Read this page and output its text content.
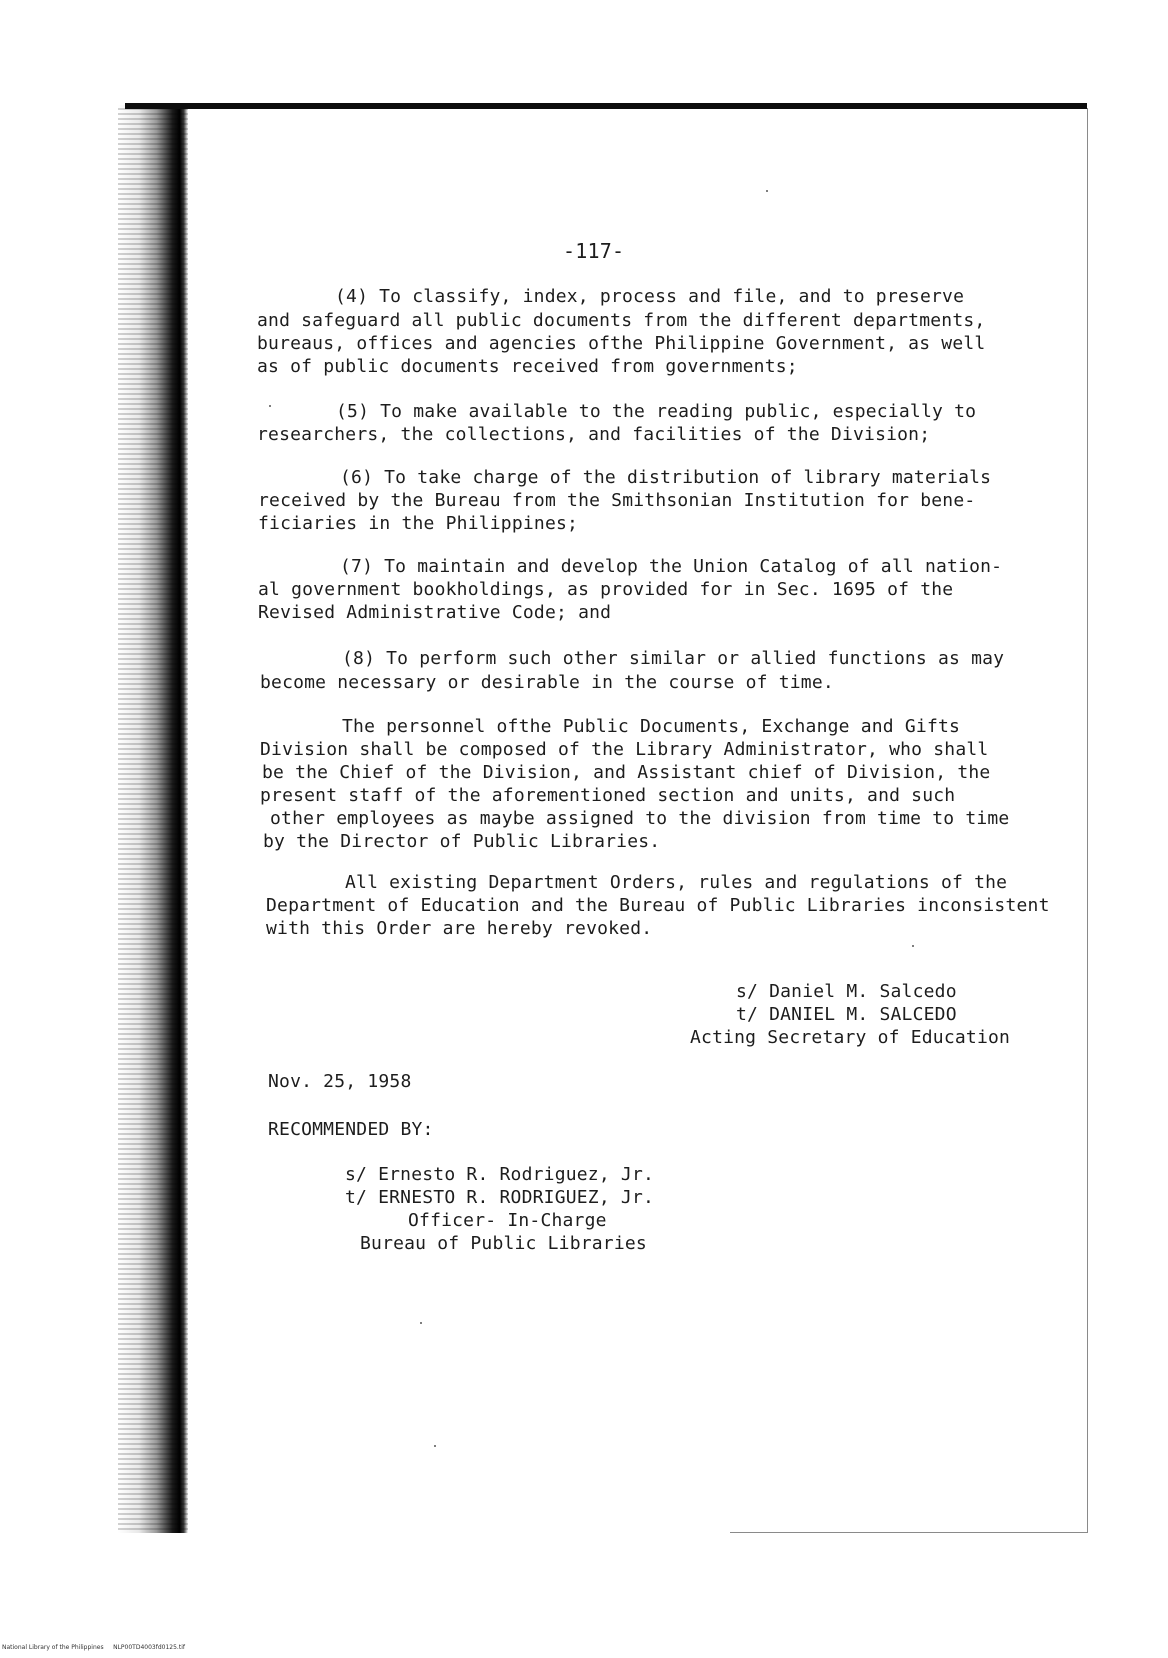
-117-
(4) To classify, index, process and file, and to preserve
and safeguard all public documents from the different departments,
bureaus, offices and agencies ofthe Philippine Government, as well
as of public documents received from governments;
(5) To make available to the reading public, especially to
researchers, the collections, and facilities of the Division;
(6) To take charge of the distribution of library materials
received by the Bureau from the Smithsonian Institution for bene-
ficiaries in the Philippines;
(7) To maintain and develop the Union Catalog of all nation-
al government bookholdings, as provided for in Sec. 1695 of the
Revised Administrative Code; and
(8) To perform such other similar or allied functions as may
become necessary or desirable in the course of time.
The personnel ofthe Public Documents, Exchange and Gifts
Division shall be composed of the Library Administrator, who shall
be the Chief of the Division, and Assistant chief of Division, the
present staff of the aforementioned section and units, and such
other employees as maybe assigned to the division from time to time
by the Director of Public Libraries.
All existing Department Orders, rules and regulations of the
Department of Education and the Bureau of Public Libraries inconsistent
with this Order are hereby revoked.
s/ Daniel M. Salcedo
t/ DANIEL M. SALCEDO
Acting Secretary of Education
Nov. 25, 1958
RECOMMENDED BY:
s/ Ernesto R. Rodriguez, Jr.
t/ ERNESTO R. RODRIGUEZ, Jr.
Officer- In-Charge
Bureau of Public Libraries
National Library of the Philippines     NLP00TD4003fd0125.tif
